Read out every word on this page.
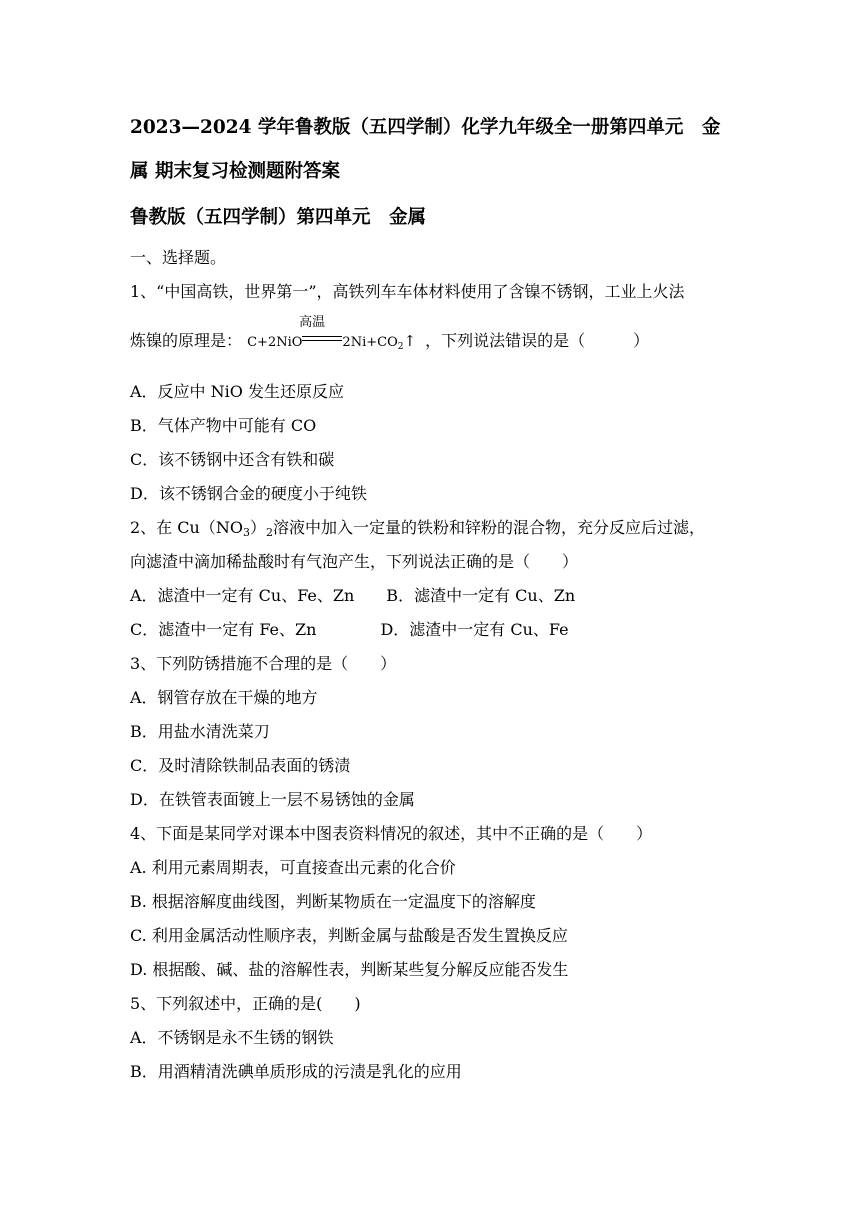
2023—2024 学年鲁教版（五四学制）化学九年级全一册第四单元　金
属 期末复习检测题附答案
鲁教版（五四学制）第四单元　金属
一、选择题。
1、“中国高铁，世界第一”，高铁列车车体材料使用了含镍不锈钢，工业上火法
炼镍的原理是：
高温
C+2NiO	$2Ni+CO_2↑$ ，下列说法错误的是（　　　）
A．反应中 NiO 发生还原反应
B．气体产物中可能有 CO
C．该不锈钢中还含有铁和碳
D．该不锈钢合金的硬度小于纯铁
2、在 $Cu(NO_3)_2$溶液中加入一定量的铁粉和锌粉的混合物，充分反应后过滤，
向滤渣中滴加稀盐酸时有气泡产生，下列说法正确的是（　　）
A．滤渣中一定有 Cu、Fe、Zn　　B．滤渣中一定有 Cu、Zn
C．滤渣中一定有 Fe、Zn　　　　D．滤渣中一定有 Cu、Fe
3、下列防锈措施不合理的是（　　）
A．钢管存放在干燥的地方
B．用盐水清洗菜刀
C．及时清除铁制品表面的锈渍
D．在铁管表面镀上一层不易锈蚀的金属
4、下面是某同学对课本中图表资料情况的叙述，其中不正确的是（　　）
A. 利用元素周期表，可直接查出元素的化合价
B. 根据溶解度曲线图，判断某物质在一定温度下的溶解度
C. 利用金属活动性顺序表，判断金属与盐酸是否发生置换反应
D. 根据酸、碱、盐的溶解性表，判断某些复分解反应能否发生
5、下列叙述中，正确的是(　　)
A．不锈钢是永不生锈的钢铁
B．用酒精清洗碘单质形成的污渍是乳化的应用
